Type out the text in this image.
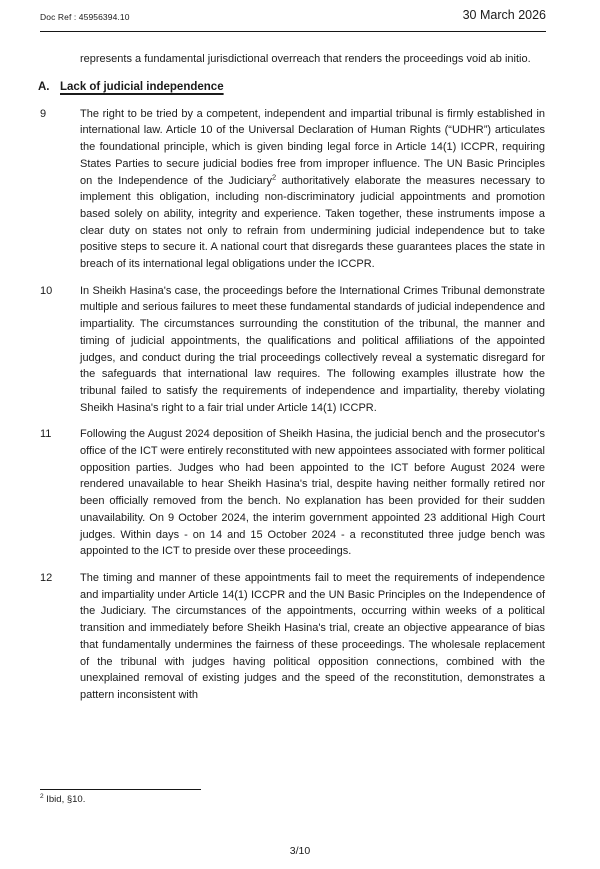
Doc Ref : 45956394.10	30 March 2026

represents a fundamental jurisdictional overreach that renders the proceedings void ab initio.

A. Lack of judicial independence
9	The right to be tried by a competent, independent and impartial tribunal is firmly established in international law. Article 10 of the Universal Declaration of Human Rights (“UDHR”) articulates the foundational principle, which is given binding legal force in Article 14(1) ICCPR, requiring States Parties to secure judicial bodies free from improper influence. The UN Basic Principles on the Independence of the Judiciary$^2$ authoritatively elaborate the measures necessary to implement this obligation, including non-discriminatory judicial appointments and promotion based solely on ability, integrity and experience. Taken together, these instruments impose a clear duty on states not only to refrain from undermining judicial independence but to take positive steps to secure it. A national court that disregards these guarantees places the state in breach of its international legal obligations under the ICCPR.

10	In Sheikh Hasina's case, the proceedings before the International Crimes Tribunal demonstrate multiple and serious failures to meet these fundamental standards of judicial independence and impartiality. The circumstances surrounding the constitution of the tribunal, the manner and timing of judicial appointments, the qualifications and political affiliations of the appointed judges, and conduct during the trial proceedings collectively reveal a systematic disregard for the safeguards that international law requires. The following examples illustrate how the tribunal failed to satisfy the requirements of independence and impartiality, thereby violating Sheikh Hasina's right to a fair trial under Article 14(1) ICCPR.

11	Following the August 2024 deposition of Sheikh Hasina, the judicial bench and the prosecutor's office of the ICT were entirely reconstituted with new appointees associated with former political opposition parties. Judges who had been appointed to the ICT before August 2024 were rendered unavailable to hear Sheikh Hasina's trial, despite having neither formally retired nor been officially removed from the bench. No explanation has been provided for their sudden unavailability. On 9 October 2024, the interim government appointed 23 additional High Court judges. Within days - on 14 and 15 October 2024 - a reconstituted three judge bench was appointed to the ICT to preside over these proceedings.

12	The timing and manner of these appointments fail to meet the requirements of independence and impartiality under Article 14(1) ICCPR and the UN Basic Principles on the Independence of the Judiciary. The circumstances of the appointments, occurring within weeks of a political transition and immediately before Sheikh Hasina's trial, create an objective appearance of bias that fundamentally undermines the fairness of these proceedings. The wholesale replacement of the tribunal with judges having political opposition connections, combined with the unexplained removal of existing judges and the speed of the reconstitution, demonstrates a pattern inconsistent with

$^2$ Ibid, §10.

3/10
